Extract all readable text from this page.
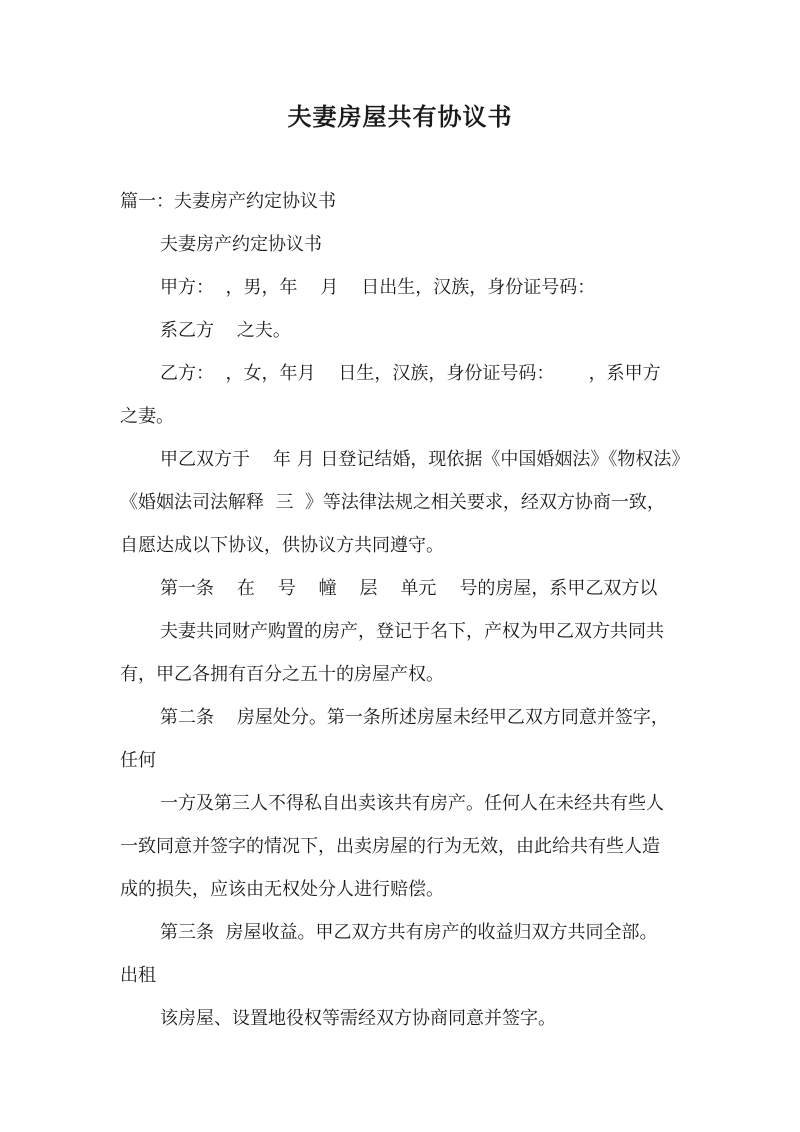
夫妻房屋共有协议书
篇一：夫妻房产约定协议书
夫妻房产约定协议书
甲方：  ，男，年    月    日出生，汉族，身份证号码：
系乙方    之夫。
乙方：  ，女，年月    日生，汉族，身份证号码：      ，系甲方
之妻。
甲乙双方于    年 月 日登记结婚，现依据《中国婚姻法》《物权法》
《婚姻法司法解释  三  》等法律法规之相关要求，经双方协商一致，
自愿达成以下协议，供协议方共同遵守。
第一条    在    号    幢    层    单元    号的房屋，系甲乙双方以
夫妻共同财产购置的房产，登记于名下，产权为甲乙双方共同共
有，甲乙各拥有百分之五十的房屋产权。
第二条    房屋处分。第一条所述房屋未经甲乙双方同意并签字，
任何
一方及第三人不得私自出卖该共有房产。任何人在未经共有些人
一致同意并签字的情况下，出卖房屋的行为无效，由此给共有些人造
成的损失，应该由无权处分人进行赔偿。
第三条  房屋收益。甲乙双方共有房产的收益归双方共同全部。
出租
该房屋、设置地役权等需经双方协商同意并签字。
